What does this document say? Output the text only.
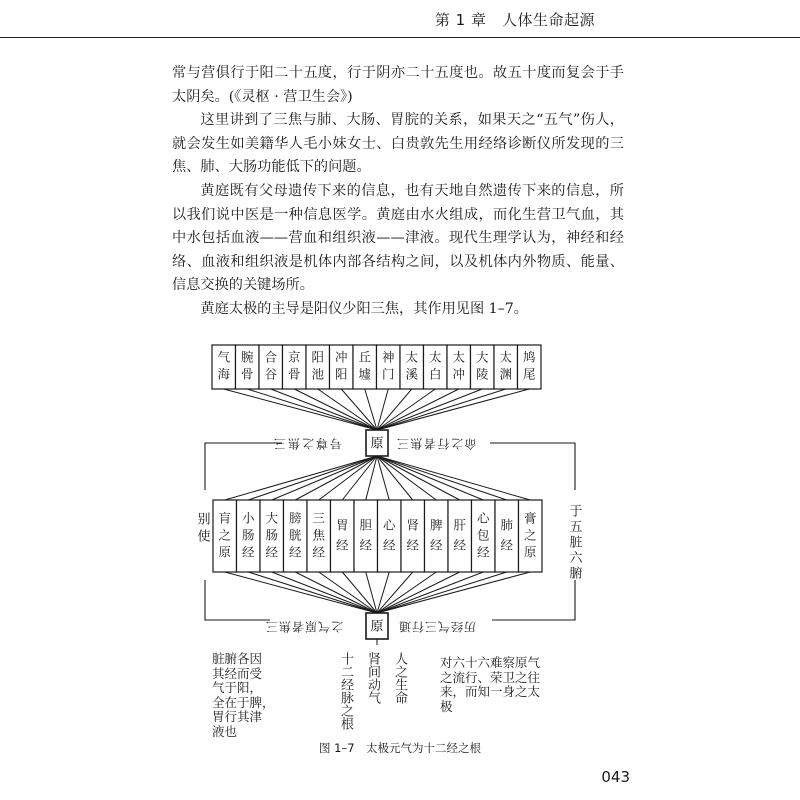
第 1 章　人体生命起源

常与营俱行于阳二十五度，行于阴亦二十五度也。故五十度而复会于手太阴矣。(《灵枢 · 营卫生会》)

这里讲到了三焦与肺、大肠、胃脘的关系，如果天之“五气”伤人，就会发生如美籍华人毛小妹女士、白贵敦先生用经络诊断仪所发现的三焦、肺、大肠功能低下的问题。

黄庭既有父母遗传下来的信息，也有天地自然遗传下来的信息，所以我们说中医是一种信息医学。黄庭由水火组成，而化生营卫气血，其中水包括血液——营血和组织液——津液。现代生理学认为，神经和经络、血液和组织液是机体内部各结构之间，以及机体内外物质、能量、信息交换的关键场所。

黄庭太极的主导是阳仪少阳三焦，其作用见图 1–7。

气
海
腕
骨
合
谷
京
骨
阳
池
冲
阳
丘
墟
神
门
太
溪
太
白
太
冲
大
陵
太
渊
鸠
尾
原
三 焦 之 尊 号	三 焦 者 行 之 命
肓
之
原
小
肠
经
大
肠
经
膀
胱
经
三
焦
经
胃
经
胆
经
心
经
肾
经
脾
经
肝
经
心
包
经
肺
经
膏
之
原
原
三 焦 者 原 气 之	通 行 三 气 经 历
别
使
于
五
脏
六
腑
脏腑各因
其经而受
气于阳，
全在于脾，
胃行其津
液也
十二经脉之根 肾间动气 人之生命	对六十六难察原气
之流行、荣卫之往
来，而知一身之太
极
图 1–7　太极元气为十二经之根
043
